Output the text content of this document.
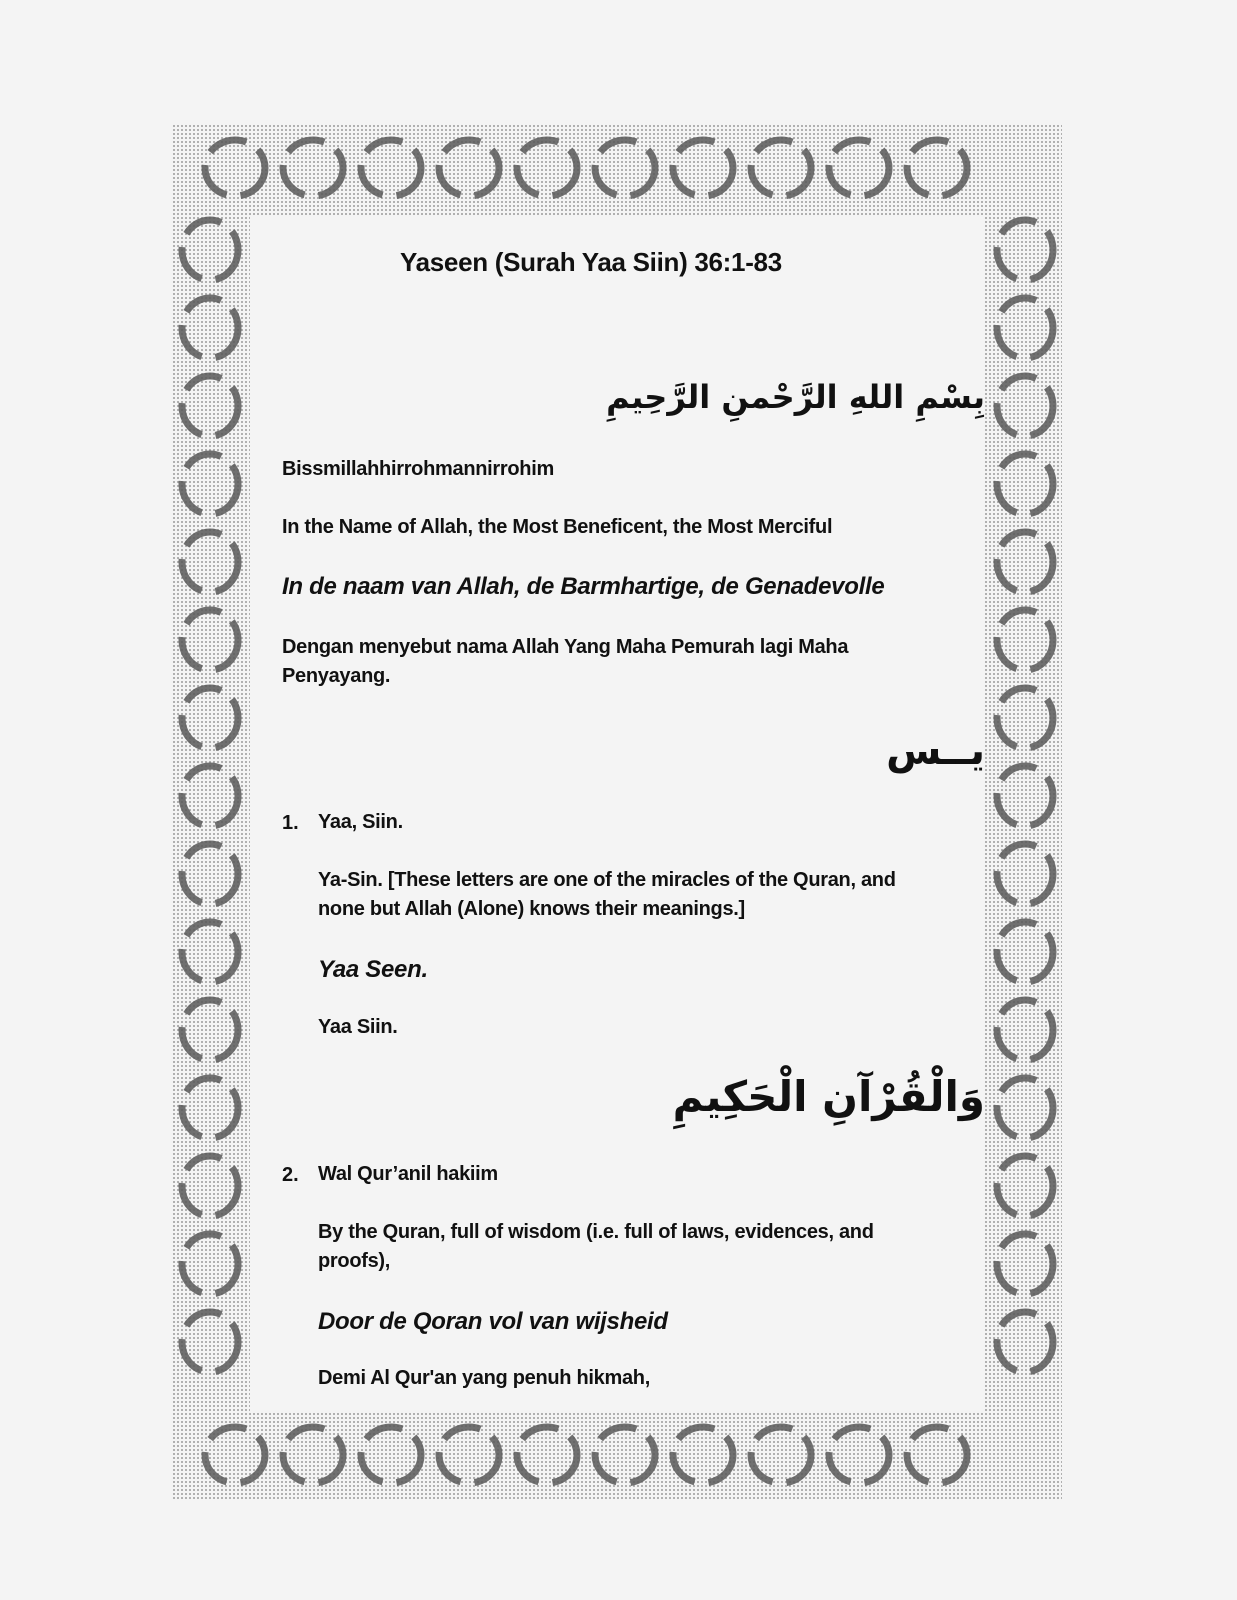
Yaseen (Surah Yaa Siin) 36:1-83
بِسْمِ اللهِ الرَّحْمنِ الرَّحِيمِ
Bissmillahhirrohmannirrohim
In the Name of Allah, the Most Beneficent, the Most Merciful
In de naam van Allah, de Barmhartige, de Genadevolle
Dengan menyebut nama Allah Yang Maha Pemurah lagi Maha
Penyayang.
يــس
1. Yaa, Siin.
Ya-Sin. [These letters are one of the miracles of the Quran, and
none but Allah (Alone) knows their meanings.]
Yaa Seen.
Yaa Siin.
وَالْقُرْآنِ الْحَكِيمِ
2. Wal Qur’anil hakiim
By the Quran, full of wisdom (i.e. full of laws, evidences, and
proofs),
Door de Qoran vol van wijsheid
Demi Al Qur'an yang penuh hikmah,
